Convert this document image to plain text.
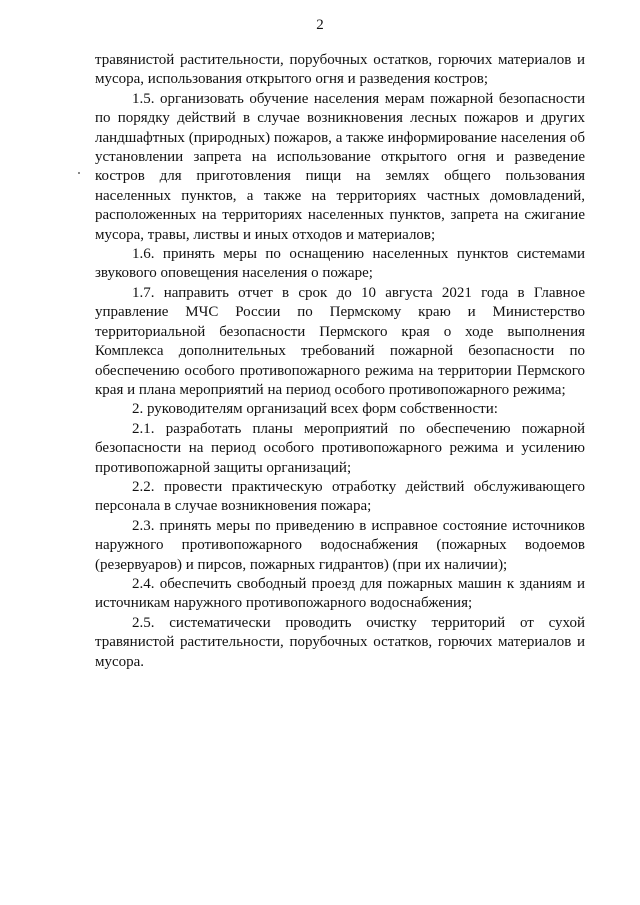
2

травянистой растительности, порубочных остатков, горючих материалов и мусора, использования открытого огня и разведения костров;

1.5. организовать обучение населения мерам пожарной безопасности по порядку действий в случае возникновения лесных пожаров и других ландшафтных (природных) пожаров, а также информирование населения об установлении запрета на использование открытого огня и разведение костров для приготовления пищи на землях общего пользования населенных пунктов, а также на территориях частных домовладений, расположенных на территориях населенных пунктов, запрета на сжигание мусора, травы, листвы и иных отходов и материалов;

1.6. принять меры по оснащению населенных пунктов системами звукового оповещения населения о пожаре;

1.7. направить отчет в срок до 10 августа 2021 года в Главное управление МЧС России по Пермскому краю и Министерство территориальной безопасности Пермского края о ходе выполнения Комплекса дополнительных требований пожарной безопасности по обеспечению особого противопожарного режима на территории Пермского края и плана мероприятий на период особого противопожарного режима;

2. руководителям организаций всех форм собственности:

2.1. разработать планы мероприятий по обеспечению пожарной безопасности на период особого противопожарного режима и усилению противопожарной защиты организаций;

2.2. провести практическую отработку действий обслуживающего персонала в случае возникновения пожара;

2.3. принять меры по приведению в исправное состояние источников наружного противопожарного водоснабжения (пожарных водоемов (резервуаров) и пирсов, пожарных гидрантов) (при их наличии);

2.4. обеспечить свободный проезд для пожарных машин к зданиям и источникам наружного противопожарного водоснабжения;

2.5. систематически проводить очистку территорий от сухой травянистой растительности, порубочных остатков, горючих материалов и мусора.
